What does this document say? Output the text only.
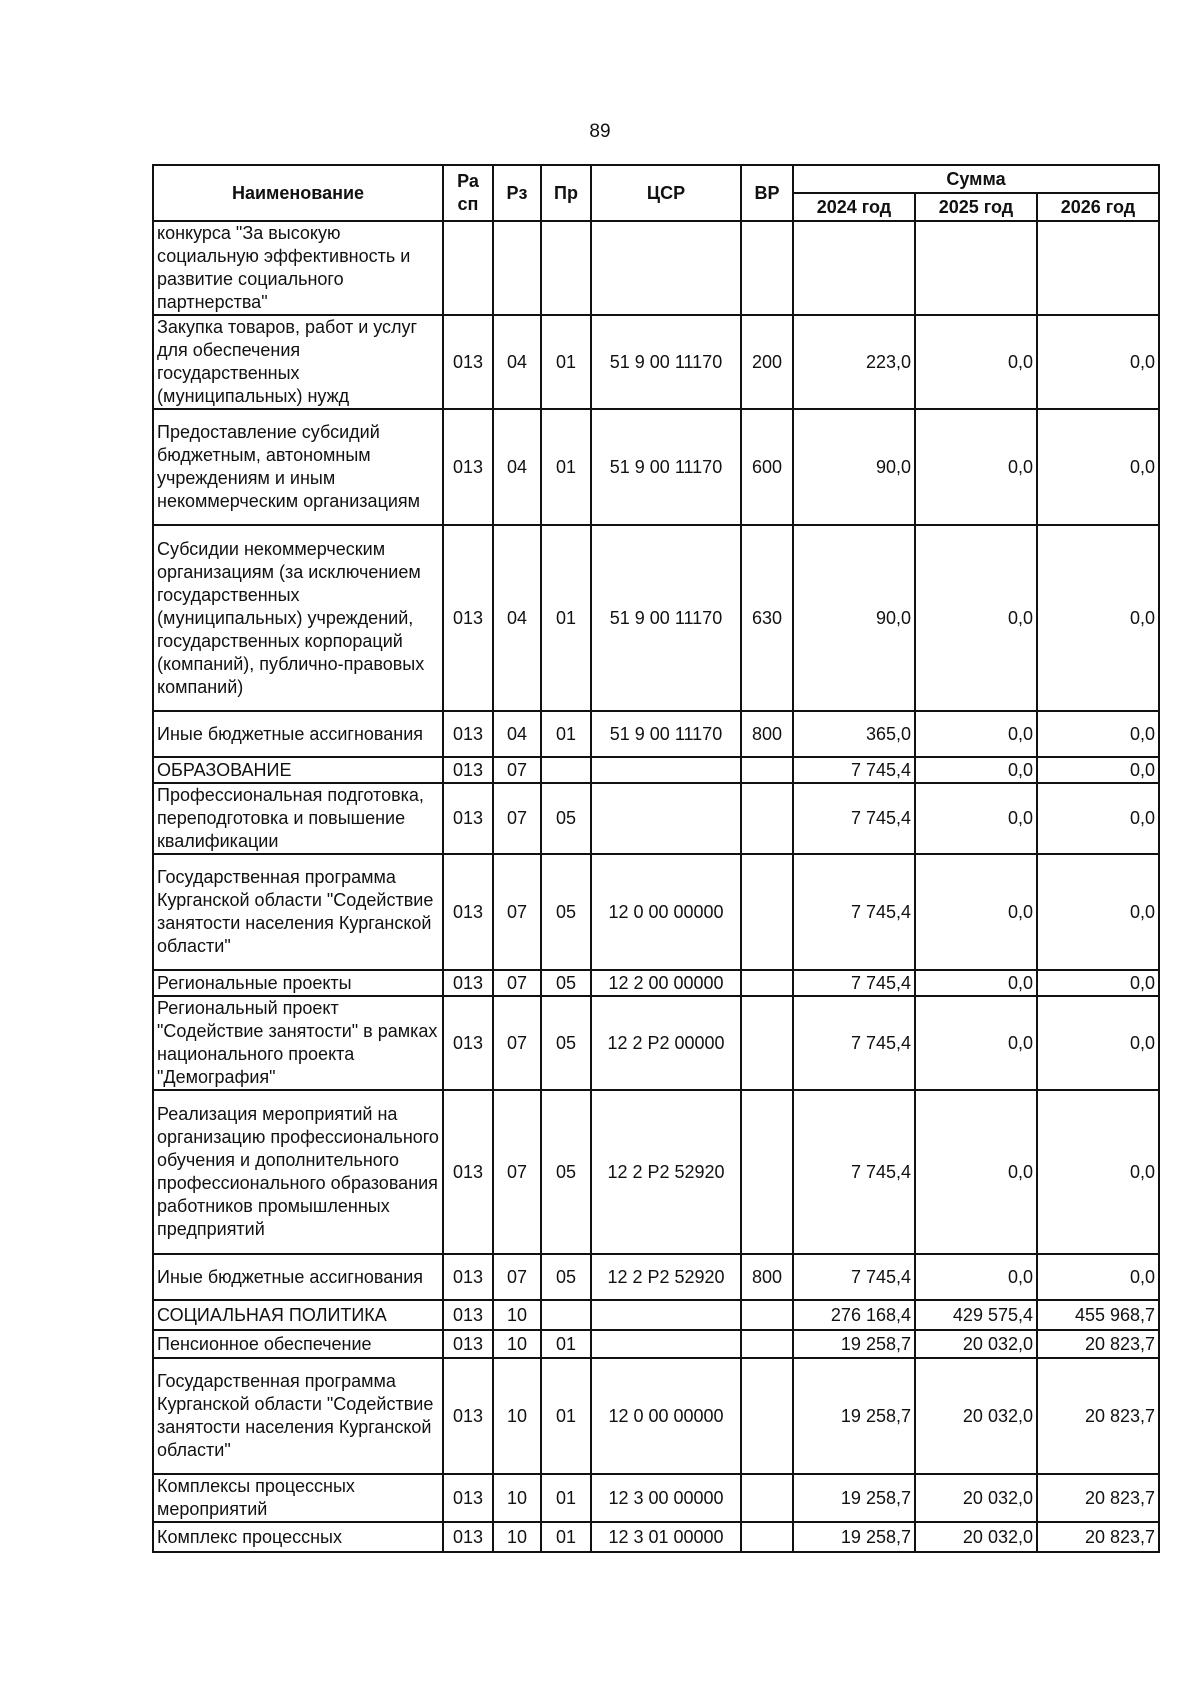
89
Наименование	Ра сп	Рз	Пр	ЦСР	ВР	Сумма		
						2024 год	2025 год	2026 год
конкурса "За высокую социальную эффективность и развитие социального партнерства"								
Закупка товаров, работ и услуг для обеспечения государственных (муниципальных) нужд	013	04	01	51 9 00 11170	200	223,0	0,0	0,0
Предоставление субсидий бюджетным, автономным учреждениям и иным некоммерческим организациям	013	04	01	51 9 00 11170	600	90,0	0,0	0,0
Субсидии некоммерческим организациям (за исключением государственных (муниципальных) учреждений, государственных корпораций (компаний), публично-правовых компаний)	013	04	01	51 9 00 11170	630	90,0	0,0	0,0
Иные бюджетные ассигнования	013	04	01	51 9 00 11170	800	365,0	0,0	0,0
ОБРАЗОВАНИЕ	013	07				7 745,4	0,0	0,0
Профессиональная подготовка, переподготовка и повышение квалификации	013	07	05			7 745,4	0,0	0,0
Государственная программа Курганской области "Содействие занятости населения Курганской области"	013	07	05	12 0 00 00000		7 745,4	0,0	0,0
Региональные проекты	013	07	05	12 2 00 00000		7 745,4	0,0	0,0
Региональный проект "Содействие занятости" в рамках национального проекта "Демография"	013	07	05	12 2 Р2 00000		7 745,4	0,0	0,0
Реализация мероприятий на организацию профессионального обучения и дополнительного профессионального образования работников промышленных предприятий	013	07	05	12 2 Р2 52920		7 745,4	0,0	0,0
Иные бюджетные ассигнования	013	07	05	12 2 Р2 52920	800	7 745,4	0,0	0,0
СОЦИАЛЬНАЯ ПОЛИТИКА	013	10				276 168,4	429 575,4	455 968,7
Пенсионное обеспечение	013	10	01			19 258,7	20 032,0	20 823,7
Государственная программа Курганской области "Содействие занятости населения Курганской области"	013	10	01	12 0 00 00000		19 258,7	20 032,0	20 823,7
Комплексы процессных мероприятий	013	10	01	12 3 00 00000		19 258,7	20 032,0	20 823,7
Комплекс процессных	013	10	01	12 3 01 00000		19 258,7	20 032,0	20 823,7
